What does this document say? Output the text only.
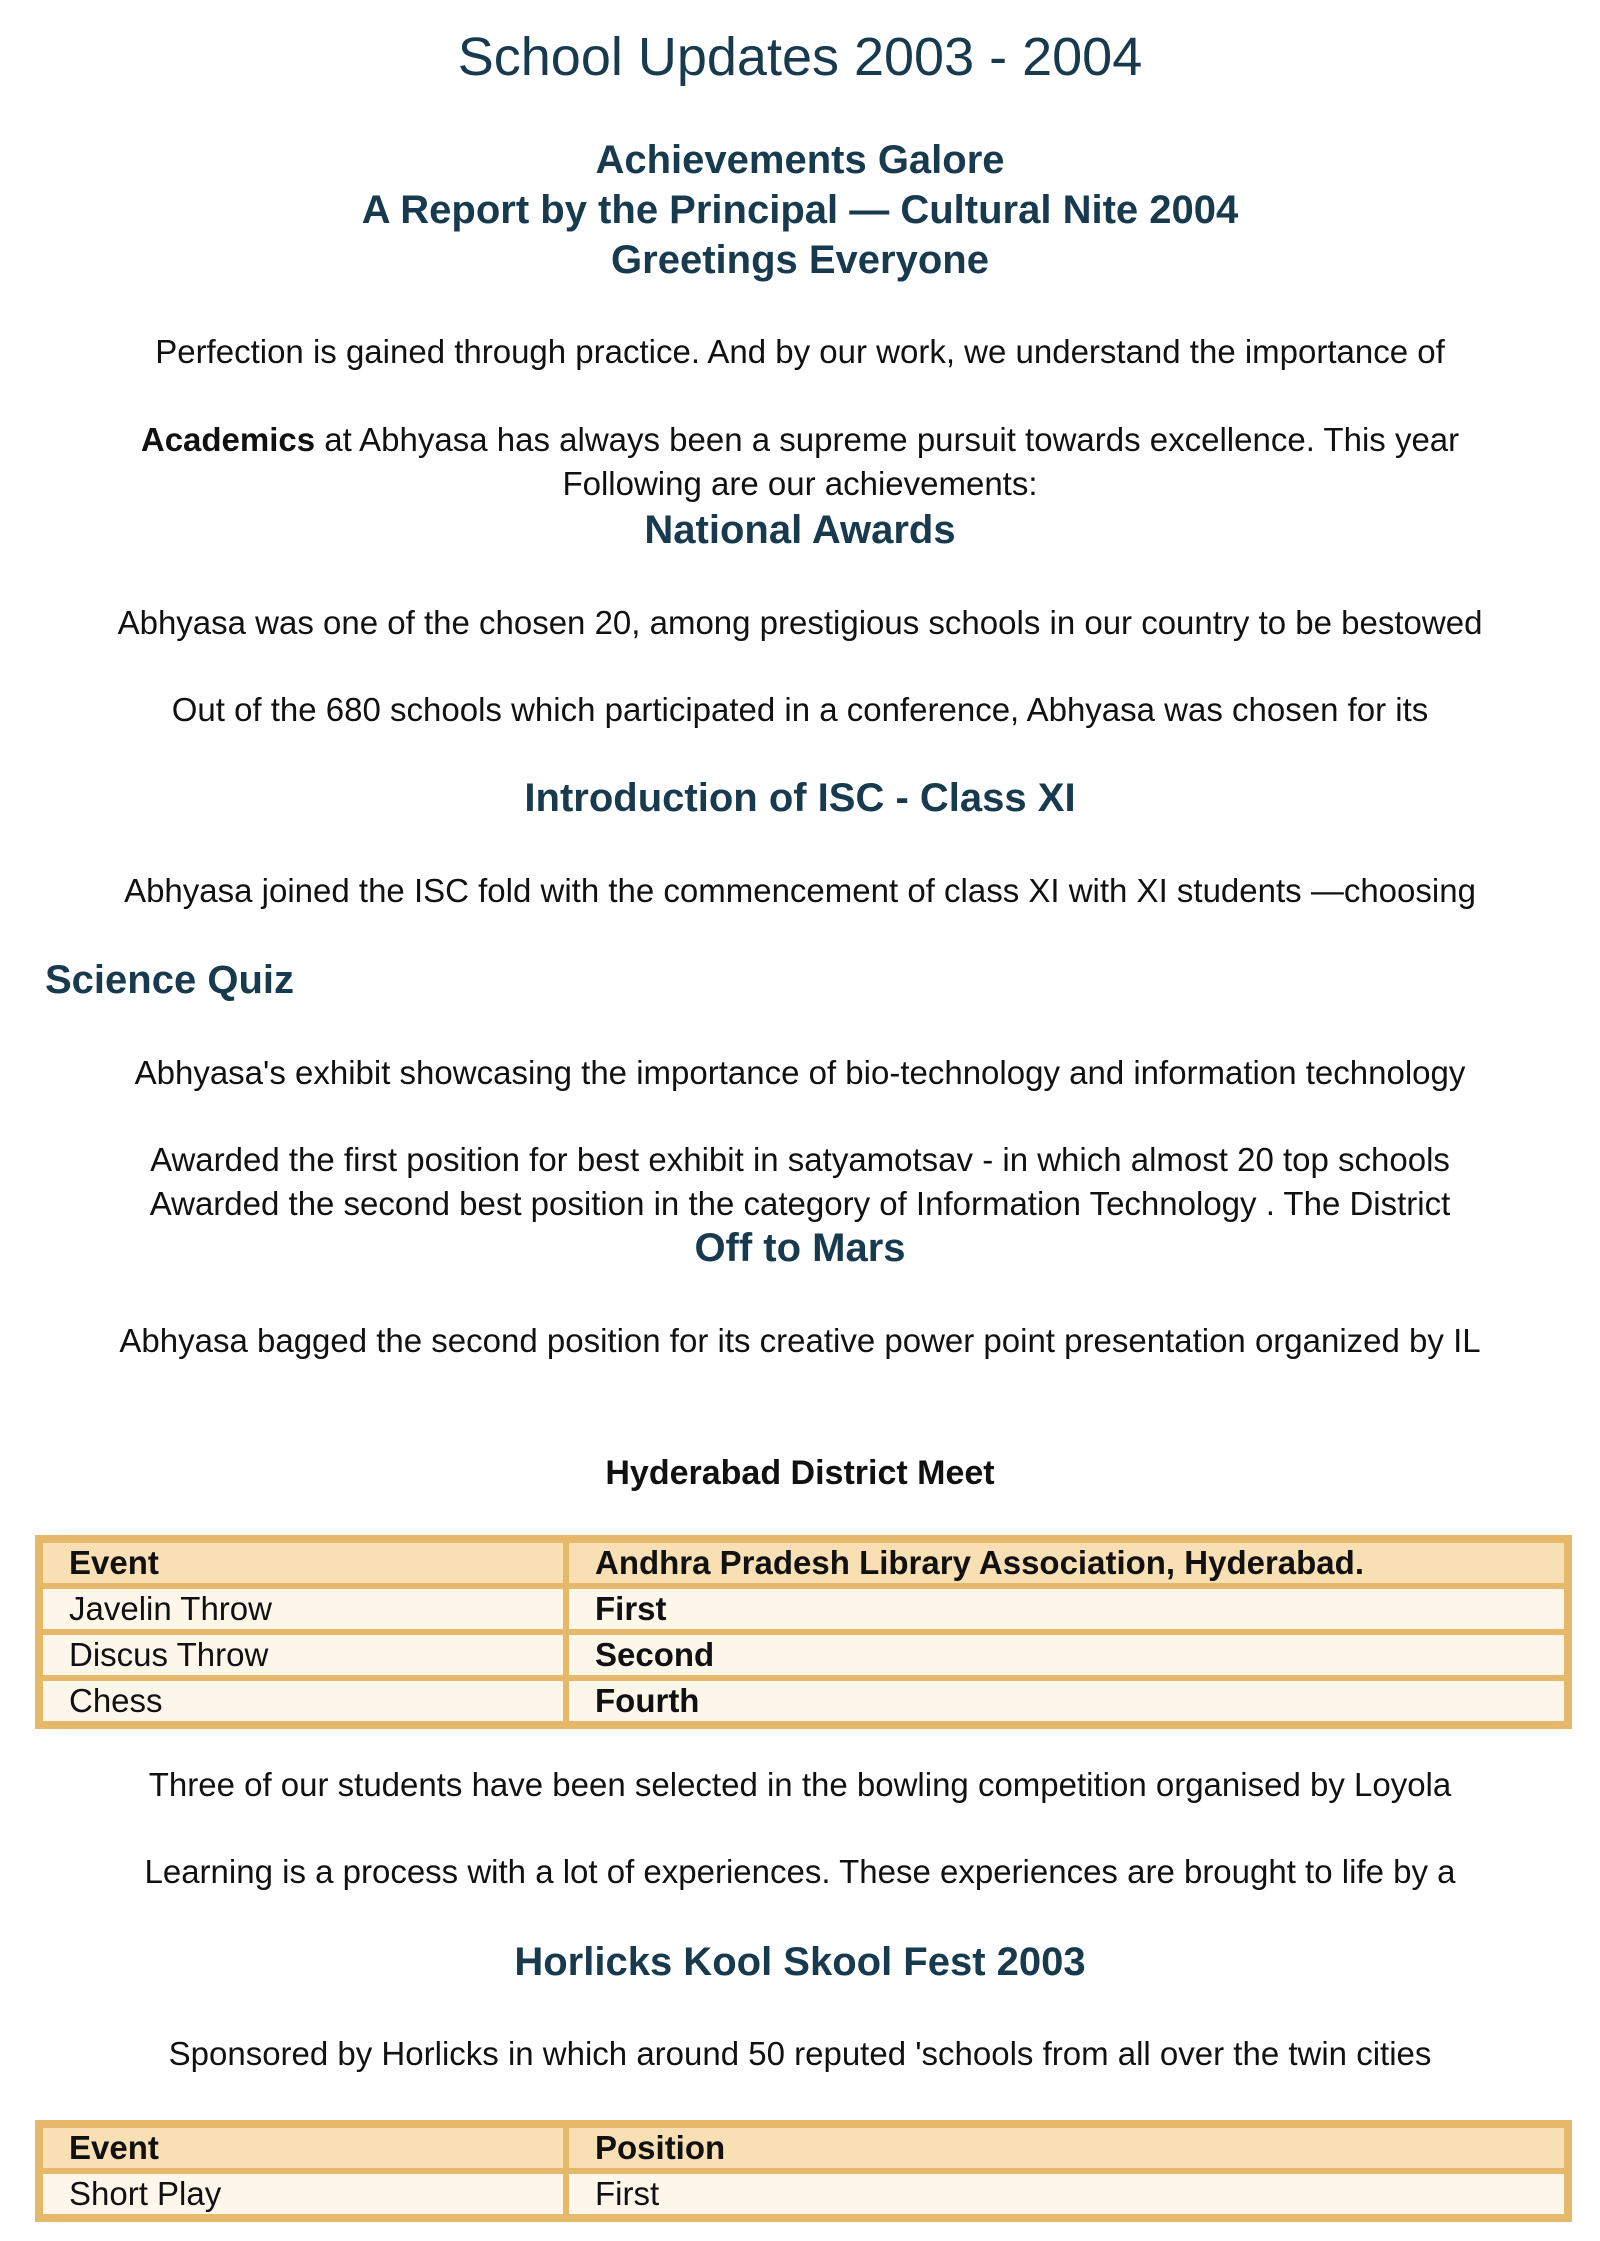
School Updates 2003 - 2004
Achievements Galore
A Report by the Principal — Cultural Nite 2004
Greetings Everyone

Perfection is gained through practice. And by our work, we understand the importance of

Academics at Abhyasa has always been a supreme pursuit towards excellence. This year

Following are our achievements:

National Awards

Abhyasa was one of the chosen 20, among prestigious schools in our country to be bestowed

Out of the 680 schools which participated in a conference, Abhyasa was chosen for its

Introduction of ISC - Class XI

Abhyasa joined the ISC fold with the commencement of class XI with XI students —choosing

Science Quiz

Abhyasa's exhibit showcasing the importance of bio-technology and information technology

Awarded the first position for best exhibit in satyamotsav - in which almost 20 top schools

Awarded the second best position in the category of Information Technology . The District

Off to Mars

Abhyasa bagged the second position for its creative power point presentation organized by IL

Hyderabad District Meet
Event	Andhra Pradesh Library Association, Hyderabad.
Javelin Throw	First
Discus Throw	Second
Chess	Fourth

Three of our students have been selected in the bowling competition organised by Loyola

Learning is a process with a lot of experiences. These experiences are brought to life by a

Horlicks Kool Skool Fest 2003

Sponsored by Horlicks in which around 50 reputed 'schools from all over the twin cities

Event	Position
Short Play	First
